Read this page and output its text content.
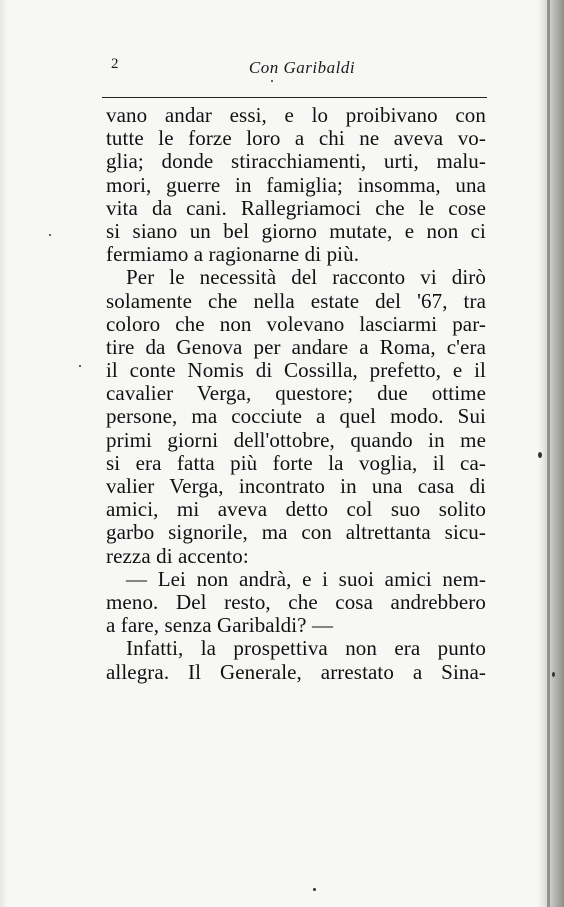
2	Con Garibaldi
vano andar essi, e lo proibivano con
tutte le forze loro a chi ne aveva vo-
glia; donde stiracchiamenti, urti, malu-
mori, guerre in famiglia; insomma, una
vita da cani. Rallegriamoci che le cose
si siano un bel giorno mutate, e non ci
fermiamo a ragionarne di più.
Per le necessità del racconto vi dirò
solamente che nella estate del '67, tra
coloro che non volevano lasciarmi par-
tire da Genova per andare a Roma, c'era
il conte Nomis di Cossilla, prefetto, e il
cavalier Verga, questore; due ottime
persone, ma cocciute a quel modo. Sui
primi giorni dell'ottobre, quando in me
si era fatta più forte la voglia, il ca-
valier Verga, incontrato in una casa di
amici, mi aveva detto col suo solito
garbo signorile, ma con altrettanta sicu-
rezza di accento:
— Lei non andrà, e i suoi amici nem-
meno. Del resto, che cosa andrebbero
a fare, senza Garibaldi? —
Infatti, la prospettiva non era punto
allegra. Il Generale, arrestato a Sina-
